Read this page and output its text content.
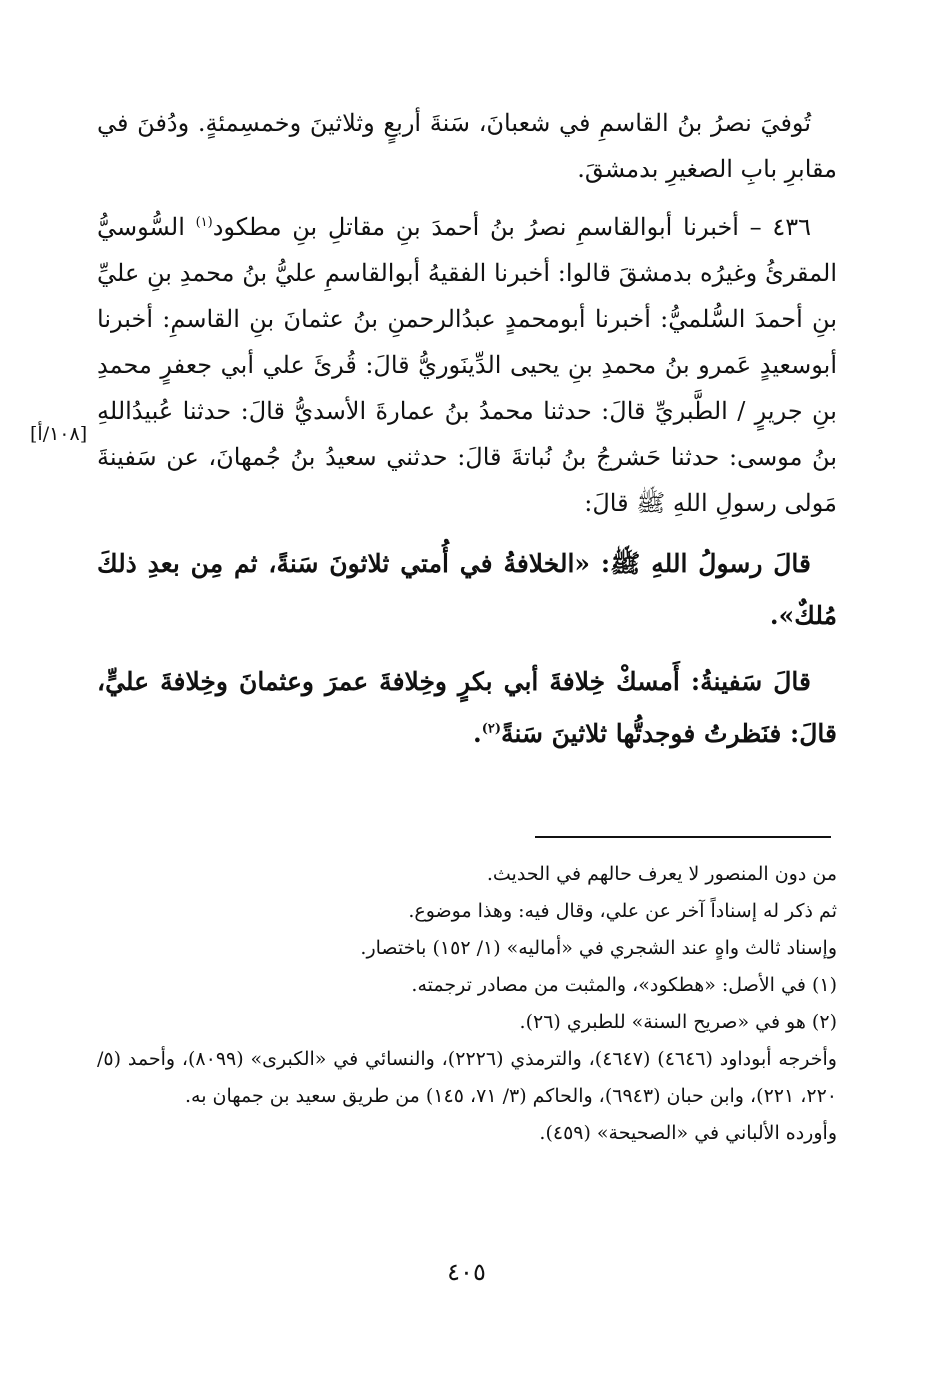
تُوفيَ نصرُ بنُ القاسمِ في شعبانَ، سَنةَ أربعٍ وثلاثينَ وخمسِمئةٍ. ودُفنَ في مقابرِ بابِ الصغيرِ بدمشقَ.

٤٣٦ – أخبرنا أبوالقاسمِ نصرُ بنُ أحمدَ بنِ مقاتلِ بنِ مطكود$^{(١)}$ السُّوسيُّ المقرئُ وغيرُه بدمشقَ قالوا: أخبرنا الفقيهُ أبوالقاسمِ عليُّ بنُ محمدِ بنِ عليِّ بنِ أحمدَ السُّلميُّ: أخبرنا أبومحمدٍ عبدُالرحمنِ بنُ عثمانَ بنِ القاسمِ: أخبرنا أبوسعيدٍ عَمرو بنُ محمدِ بنِ يحيى الدِّينَوريُّ قالَ: قُرئَ علي أبي جعفرٍ محمدِ بنِ جريرٍ / الطَّبريِّ قالَ: حدثنا محمدُ بنُ عمارةَ الأسديُّ قالَ: حدثنا عُبيدُاللهِ بنُ موسى: حدثنا حَشرجُ بنُ نُباتةَ قالَ: حدثني سعيدُ بنُ جُمهانَ، عن سَفينةَ مَولى رسولِ اللهِ ﷺ قالَ:

قالَ رسولُ اللهِ ﷺ: «الخلافةُ في أُمتي ثلاثونَ سَنةً، ثم مِن بعدِ ذلكَ مُلكٌ».

قالَ سَفينةُ: أَمسكْ خِلافةَ أبي بكرٍ وخِلافةَ عمرَ وعثمانَ وخِلافةَ عليٍّ، قالَ: فنَظرتُ فوجدتُّها ثلاثينَ سَنةً$^{(٢)}$.

[١٠٨/أ]

من دون المنصور لا يعرف حالهم في الحديث.

ثم ذكر له إسناداً آخر عن علي، وقال فيه: وهذا موضوع.

وإسناد ثالث واهٍ عند الشجري في «أماليه» (١/ ١٥٢) باختصار.

(١) في الأصل: «هطكود»، والمثبت من مصادر ترجمته.

(٢) هو في «صريح السنة» للطبري (٢٦).

وأخرجه أبوداود (٤٦٤٦) (٤٦٤٧)، والترمذي (٢٢٢٦)، والنسائي في «الكبرى» (٨٠٩٩)، وأحمد (٥/ ٢٢٠، ٢٢١)، وابن حبان (٦٩٤٣)، والحاكم (٣/ ٧١، ١٤٥) من طريق سعيد بن جمهان به.

وأورده الألباني في «الصحيحة» (٤٥٩).

٤٠٥
